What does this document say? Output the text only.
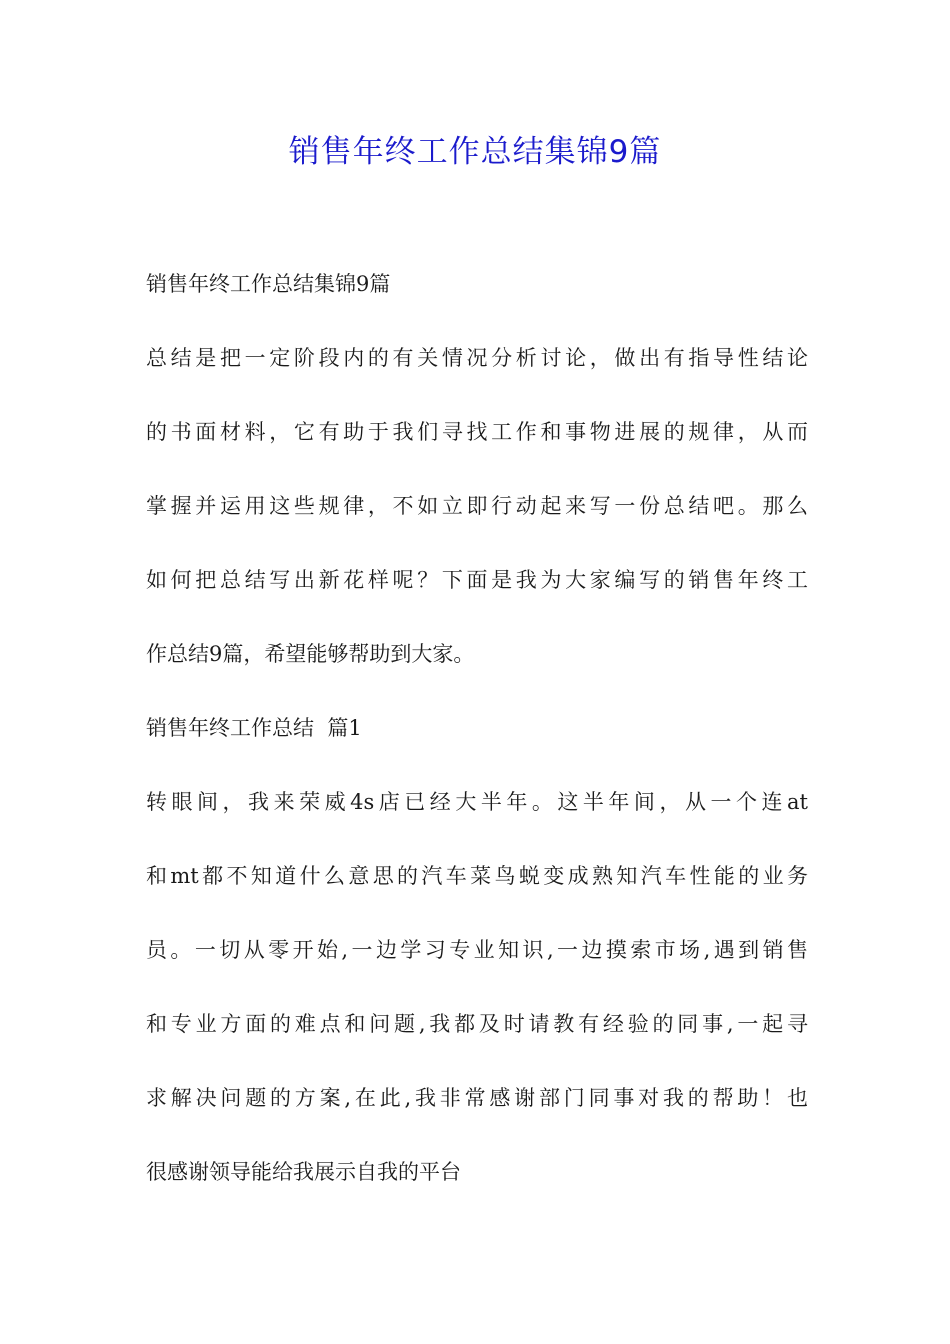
销售年终工作总结集锦9篇
销售年终工作总结集锦9篇
总结是把一定阶段内的有关情况分析讨论，做出有指导性结论
的书面材料，它有助于我们寻找工作和事物进展的规律，从而
掌握并运用这些规律，不如立即行动起来写一份总结吧。那么
如何把总结写出新花样呢？下面是我为大家编写的销售年终工
作总结9篇，希望能够帮助到大家。
销售年终工作总结  篇1
转眼间，我来荣威4s店已经大半年。这半年间，从一个连at
和mt都不知道什么意思的汽车菜鸟蜕变成熟知汽车性能的业务
员。一切从零开始,一边学习专业知识,一边摸索市场,遇到销售
和专业方面的难点和问题,我都及时请教有经验的同事,一起寻
求解决问题的方案,在此,我非常感谢部门同事对我的帮助！也
很感谢领导能给我展示自我的平台
